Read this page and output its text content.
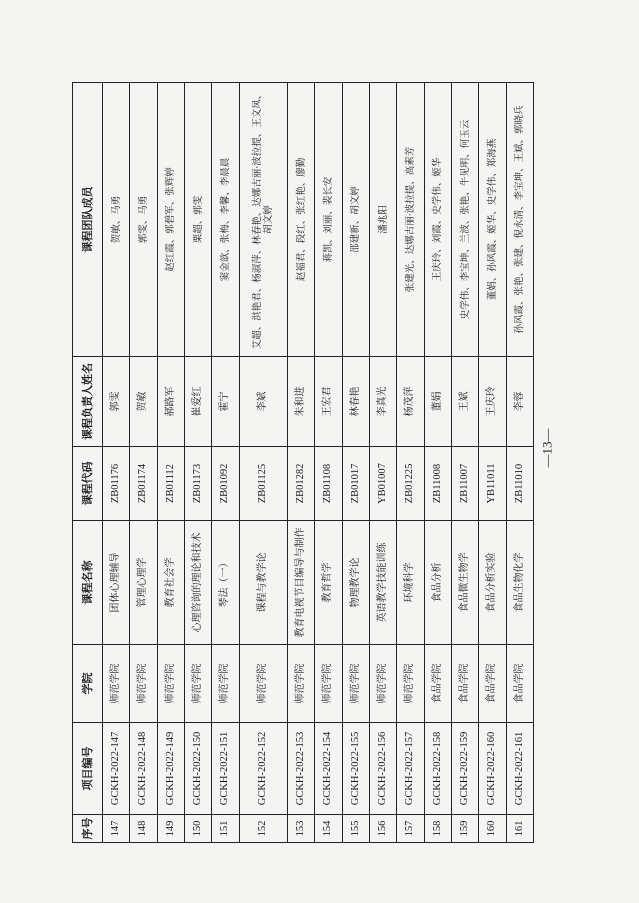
序号	项目编号	学院	课程名称	课程代码	课程负责人姓名	课程团队成员
147	GCKH-2022-147	师范学院	团体心理辅导	ZB01176	郭雯	贺敏、马勇
148	GCKH-2022-148	师范学院	管理心理学	ZB01174	贺敏	郭雯、马勇
149	GCKH-2022-149	师范学院	教育社会学	ZB01112	郝路军	赵红霞、郭碧军、张辉婷
150	GCKH-2022-150	师范学院	心理咨询的理论和技术	ZB01173	崔爱红	栗超、郭雯
151	GCKH-2022-151	师范学院	琴法（一）	ZB01092	霍宁	窦金歆、张梅、李馨、李晨晨
152	GCKH-2022-152	师范学院	课程与教学论	ZB01125	李斌	艾超、洪艳君、杨淑萍、林春艳、达娜古丽·波拉提、王文凤、胡文婷
153	GCKH-2022-153	师范学院	教育电视节目编导与制作	ZB01282	朱和进	赵福君、段红、张红艳、廖勤
154	GCKH-2022-154	师范学院	教育哲学	ZB01108	王宏君	蒋凯、刘丽、裴长安
155	GCKH-2022-155	师范学院	物理教学论	ZB01017	林春艳	邵建新、胡文婷
156	GCKH-2022-156	师范学院	英语教学技能训练	YB01007	李真光	潘兆阳
157	GCKH-2022-157	师范学院	环境科学	ZB01225	杨茂萍	张建光、达娜古丽·波拉提、高素芳
158	GCKH-2022-158	食品学院	食品分析	ZB11008	董娟	王庆玲、刘霞、史学伟、姬华
159	GCKH-2022-159	食品学院	食品微生物学	ZB11007	王斌	史学伟、李宝坤、兰波、张艳、牛见明、何玉云
160	GCKH-2022-160	食品学院	食品分析实验	YB11011	王庆玲	董娟、孙风霞、姬华、史学伟、郑海燕
161	GCKH-2022-161	食品学院	食品生物化学	ZB11010	李蓉	孙风霞、张艳、张建、倪永清、李宝坤、王斌、郭晓兵
—13—
